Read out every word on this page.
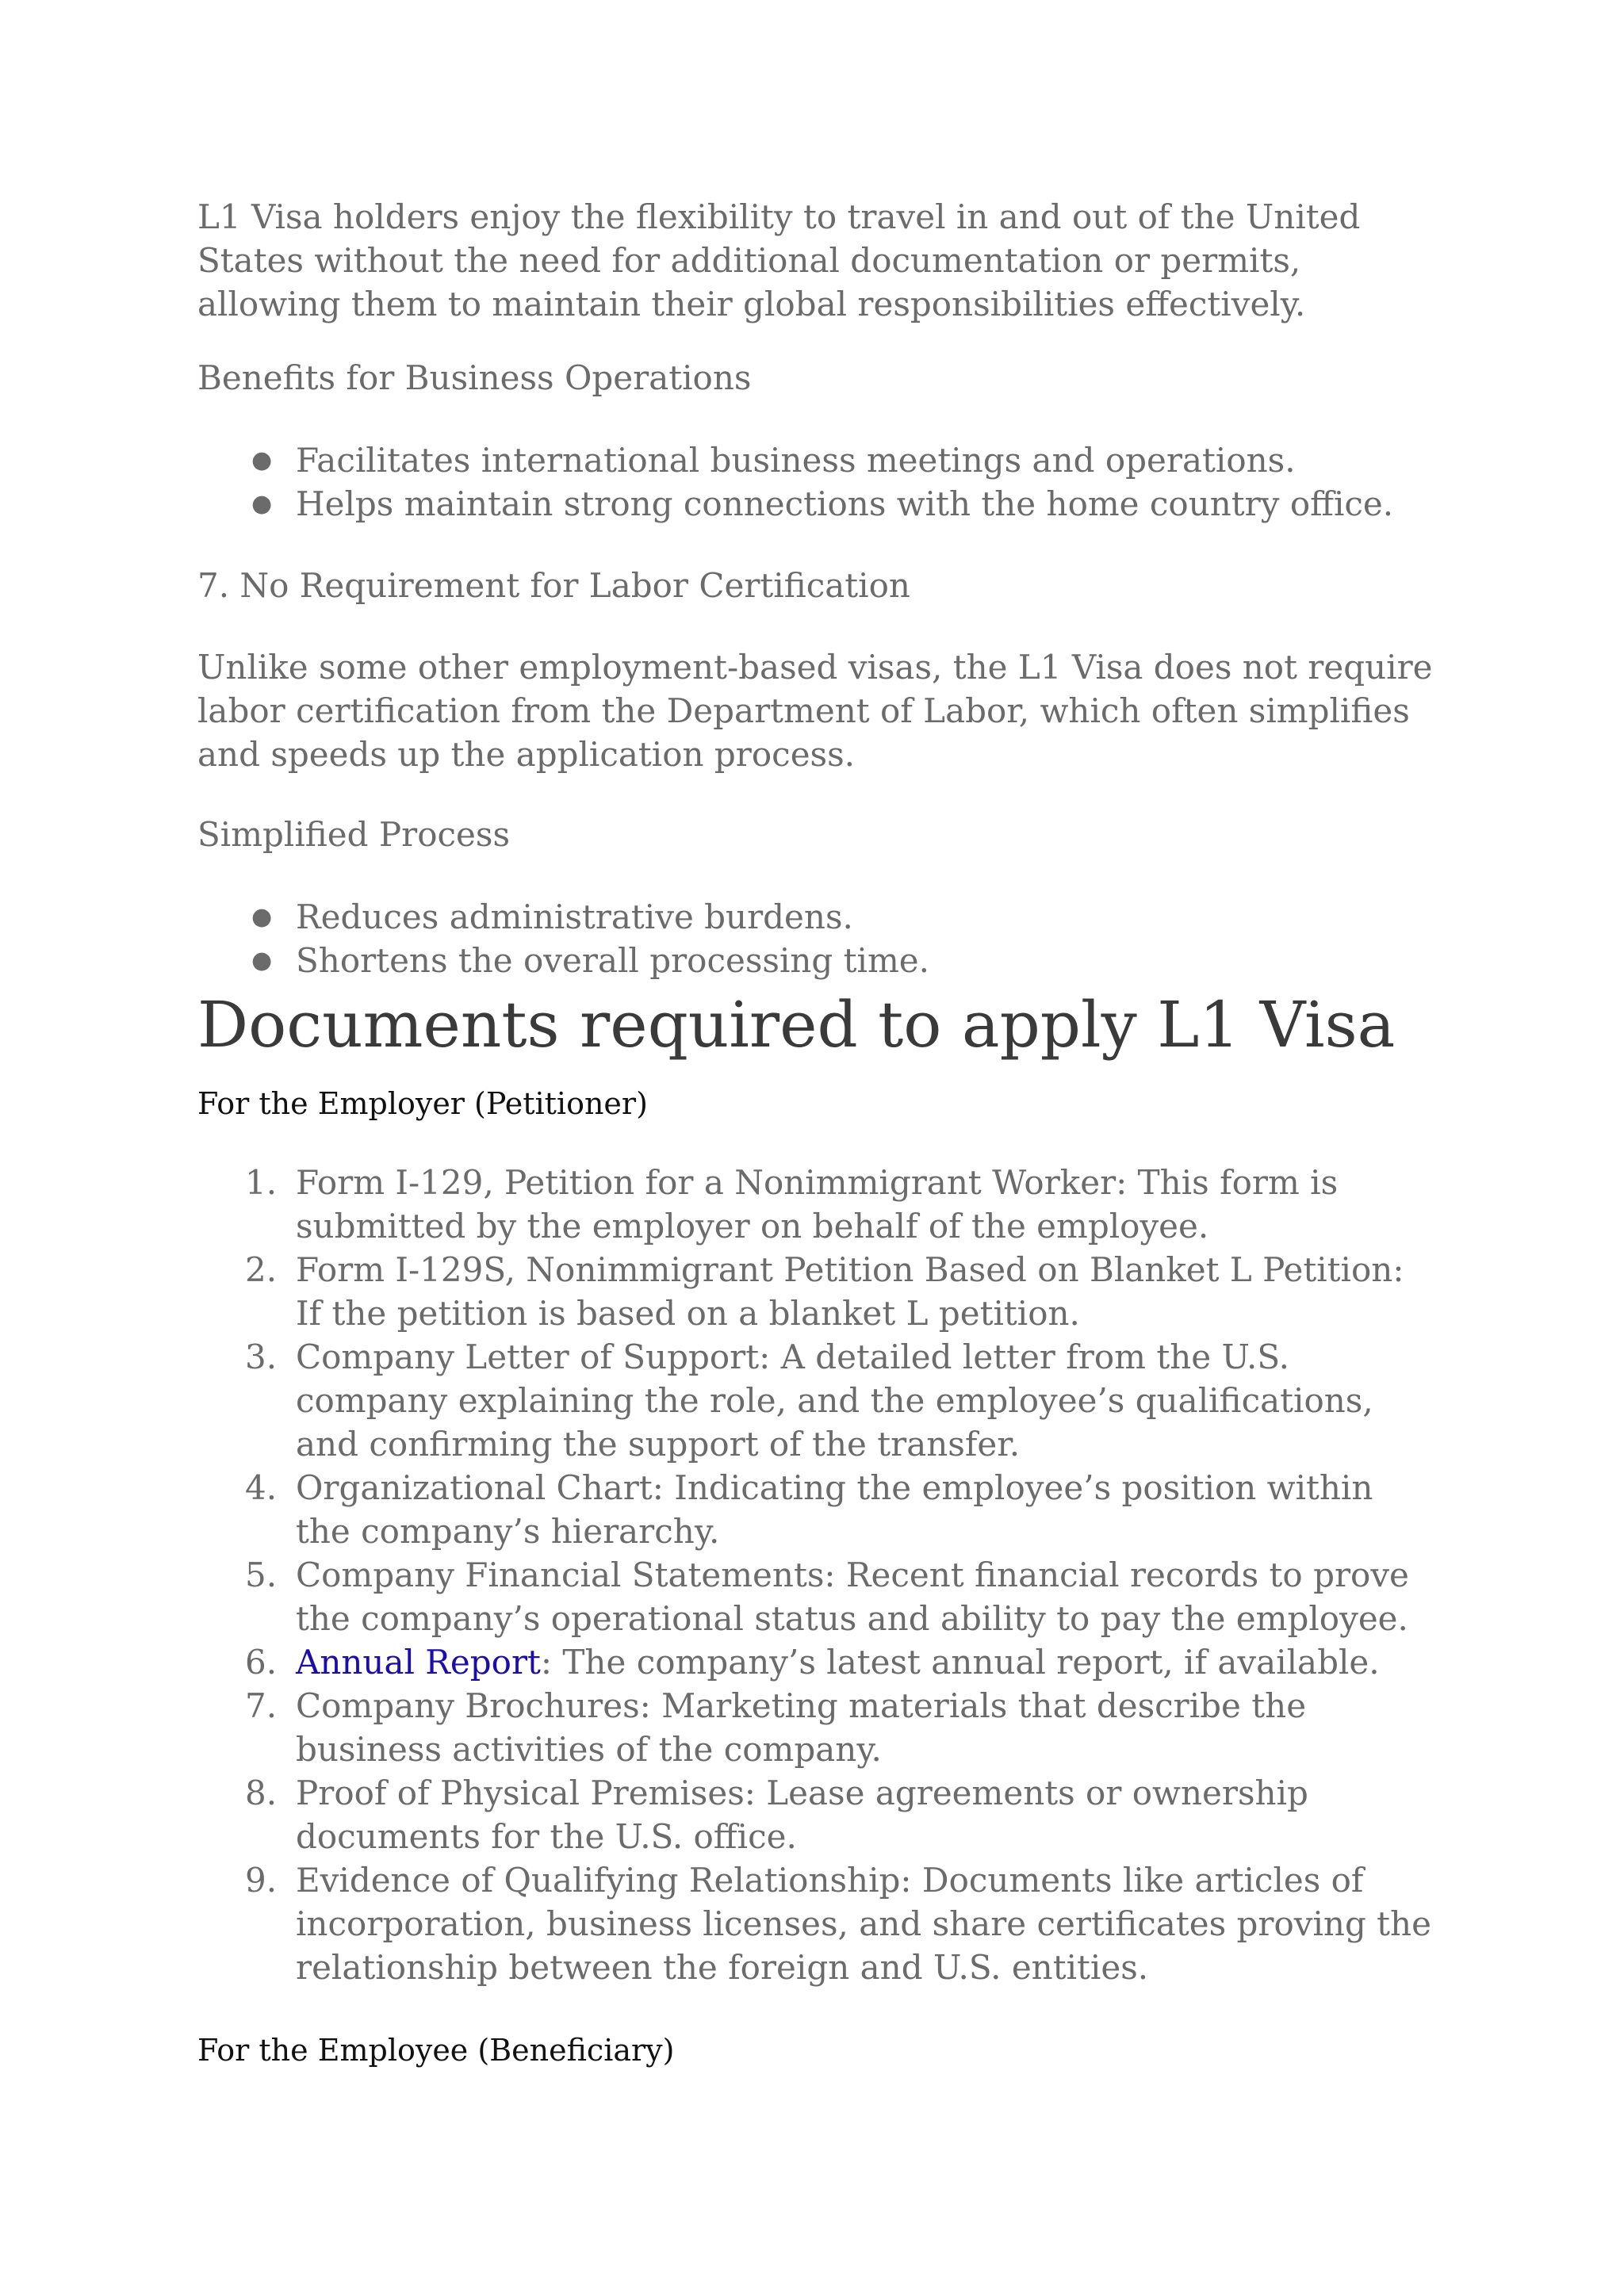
L1 Visa holders enjoy the flexibility to travel in and out of the United States without the need for additional documentation or permits, allowing them to maintain their global responsibilities effectively.

Benefits for Business Operations

● Facilitates international business meetings and operations.
● Helps maintain strong connections with the home country office.

7. No Requirement for Labor Certification

Unlike some other employment-based visas, the L1 Visa does not require labor certification from the Department of Labor, which often simplifies and speeds up the application process.

Simplified Process

● Reduces administrative burdens.
● Shortens the overall processing time.
Documents required to apply L1 Visa

For the Employer (Petitioner)

1. Form I-129, Petition for a Nonimmigrant Worker: This form is submitted by the employer on behalf of the employee.
2. Form I-129S, Nonimmigrant Petition Based on Blanket L Petition: If the petition is based on a blanket L petition.
3. Company Letter of Support: A detailed letter from the U.S. company explaining the role, and the employee’s qualifications, and confirming the support of the transfer.
4. Organizational Chart: Indicating the employee’s position within the company’s hierarchy.
5. Company Financial Statements: Recent financial records to prove the company’s operational status and ability to pay the employee.
6. Annual Report: The company’s latest annual report, if available.
7. Company Brochures: Marketing materials that describe the business activities of the company.
8. Proof of Physical Premises: Lease agreements or ownership documents for the U.S. office.
9. Evidence of Qualifying Relationship: Documents like articles of incorporation, business licenses, and share certificates proving the relationship between the foreign and U.S. entities.

For the Employee (Beneficiary)
